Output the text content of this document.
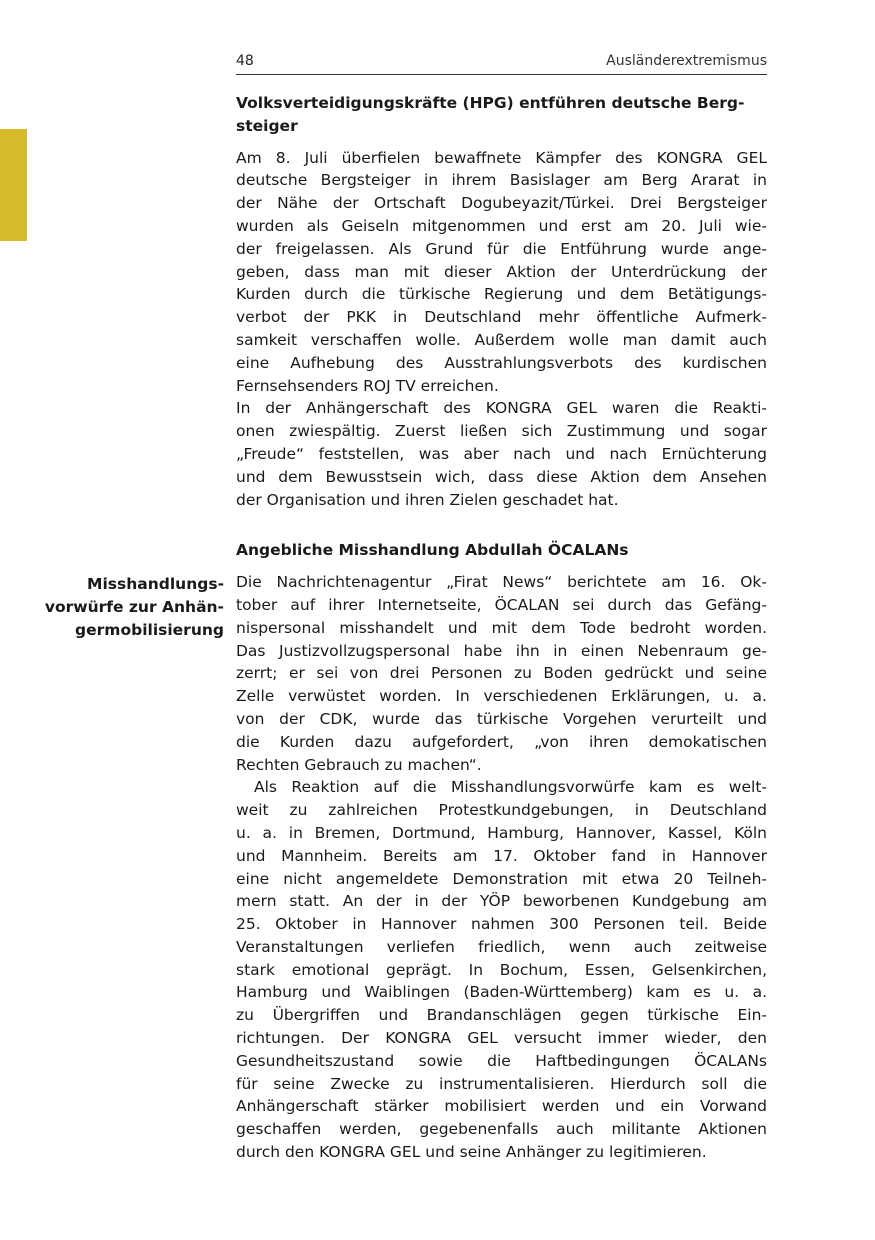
48	Ausländerextremismus
Misshandlungs-
vorwürfe zur Anhän-
germobilisierung
Volksverteidigungskräfte (HPG) entführen deutsche Berg-
steiger
Am 8. Juli überfielen bewaffnete Kämpfer des KONGRA GEL
deutsche Bergsteiger in ihrem Basislager am Berg Ararat in
der Nähe der Ortschaft Dogubeyazit/Türkei. Drei Bergsteiger
wurden als Geiseln mitgenommen und erst am 20. Juli wie-
der freigelassen. Als Grund für die Entführung wurde ange-
geben, dass man mit dieser Aktion der Unterdrückung der
Kurden durch die türkische Regierung und dem Betätigungs-
verbot der PKK in Deutschland mehr öffentliche Aufmerk-
samkeit verschaffen wolle. Außerdem wolle man damit auch
eine Aufhebung des Ausstrahlungsverbots des kurdischen
Fernsehsenders ROJ TV erreichen.
In der Anhängerschaft des KONGRA GEL waren die Reakti-
onen zwiespältig. Zuerst ließen sich Zustimmung und sogar
„Freude“ feststellen, was aber nach und nach Ernüchterung
und dem Bewusstsein wich, dass diese Aktion dem Ansehen
der Organisation und ihren Zielen geschadet hat.
Angebliche Misshandlung Abdullah ÖCALANs
Die Nachrichtenagentur „Firat News“ berichtete am 16. Ok-
tober auf ihrer Internetseite, ÖCALAN sei durch das Gefäng-
nispersonal misshandelt und mit dem Tode bedroht worden.
Das Justizvollzugspersonal habe ihn in einen Nebenraum ge-
zerrt; er sei von drei Personen zu Boden gedrückt und seine
Zelle verwüstet worden. In verschiedenen Erklärungen, u. a.
von der CDK, wurde das türkische Vorgehen verurteilt und
die Kurden dazu aufgefordert, „von ihren demokatischen
Rechten Gebrauch zu machen“.
Als Reaktion auf die Misshandlungsvorwürfe kam es welt-
weit zu zahlreichen Protestkundgebungen, in Deutschland
u. a. in Bremen, Dortmund, Hamburg, Hannover, Kassel, Köln
und Mannheim. Bereits am 17. Oktober fand in Hannover
eine nicht angemeldete Demonstration mit etwa 20 Teilneh-
mern statt. An der in der YÖP beworbenen Kundgebung am
25. Oktober in Hannover nahmen 300 Personen teil. Beide
Veranstaltungen verliefen friedlich, wenn auch zeitweise
stark emotional geprägt. In Bochum, Essen, Gelsenkirchen,
Hamburg und Waiblingen (Baden-Württemberg) kam es u. a.
zu Übergriffen und Brandanschlägen gegen türkische Ein-
richtungen. Der KONGRA GEL versucht immer wieder, den
Gesundheitszustand sowie die Haftbedingungen ÖCALANs
für seine Zwecke zu instrumentalisieren. Hierdurch soll die
Anhängerschaft stärker mobilisiert werden und ein Vorwand
geschaffen werden, gegebenenfalls auch militante Aktionen
durch den KONGRA GEL und seine Anhänger zu legitimieren.
